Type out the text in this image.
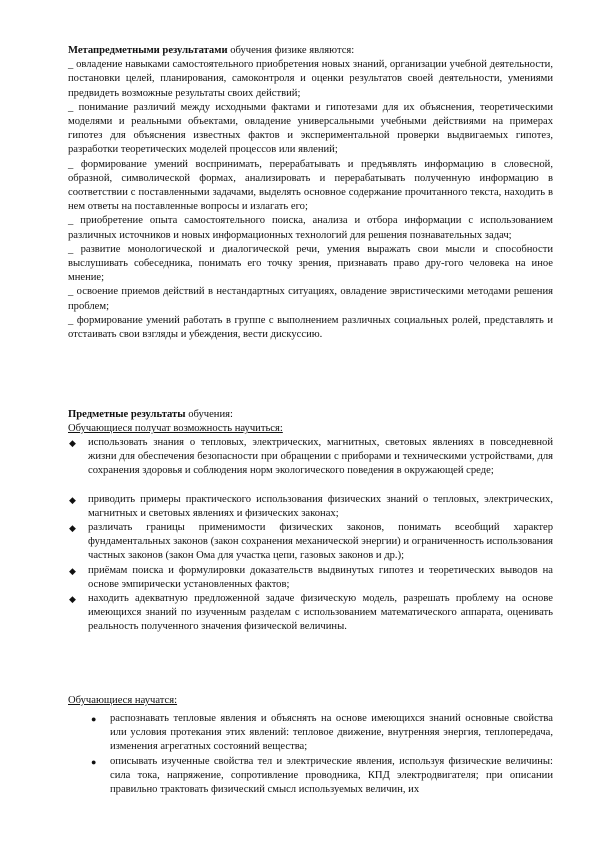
Метапредметными результатами обучения физике являются:

_ овладение навыками самостоятельного приобретения новых знаний, организации учебной деятельности, постановки целей, планирования, самоконтроля и оценки результатов своей деятельности, умениями предвидеть возможные результаты своих действий;

_ понимание различий между исходными фактами и гипотезами для их объяснения, теоретическими моделями и реальными объектами, овладение универсальными учебными действиями на примерах гипотез для объяснения известных фактов и экспериментальной проверки выдвигаемых гипотез, разработки теоретических моделей процессов или явлений;

_ формирование умений воспринимать, перерабатывать и предъявлять информацию в словесной, образной, символической формах, анализировать и перерабатывать полученную информацию в соответствии с поставленными задачами, выделять основное содержание прочитанного текста, находить в нем ответы на поставленные вопросы и излагать его;

_ приобретение опыта самостоятельного поиска, анализа и отбора информации с использованием различных источников и новых информационных технологий для решения познавательных задач;

_ развитие монологической и диалогической речи, умения выражать свои мысли и способности выслушивать собеседника, понимать его точку зрения, признавать право дру-гого человека на иное мнение;

_ освоение приемов действий в нестандартных ситуациях, овладение эвристическими методами решения проблем;

_ формирование умений работать в группе с выполнением различных социальных ролей, представлять и отстаивать свои взгляды и убеждения, вести дискуссию.

Предметные результаты обучения:

Обучающиеся получат возможность научиться:

◆ использовать знания о тепловых, электрических, магнитных, световых явлениях в повседневной жизни для обеспечения безопасности при обращении с приборами и техническими устройствами, для сохранения здоровья и соблюдения норм экологического поведения в окружающей среде;
◆ приводить примеры практического использования физических знаний о тепловых, электрических, магнитных и световых явлениях и физических законах;
◆ различать границы применимости физических законов, понимать всеобщий характер фундаментальных законов (закон сохранения механической энергии) и ограниченность использования частных законов (закон Ома для участка цепи, газовых законов и др.);
◆ приёмам поиска и формулировки доказательств выдвинутых гипотез и теоретических выводов на основе эмпирически установленных фактов;
◆ находить адекватную предложенной задаче физическую модель, разрешать проблему на основе имеющихся знаний по изученным разделам с использованием математического аппарата, оценивать реальность полученного значения физической величины.

Обучающиеся научатся:

● распознавать тепловые явления и объяснять на основе имеющихся знаний основные свойства или условия протекания этих явлений: тепловое движение, внутренняя энергия, теплопередача, изменения агрегатных состояний вещества;
● описывать изученные свойства тел и электрические явления, используя физические величины: сила тока, напряжение, сопротивление проводника, КПД электродвигателя; при описании правильно трактовать физический смысл используемых величин, их
